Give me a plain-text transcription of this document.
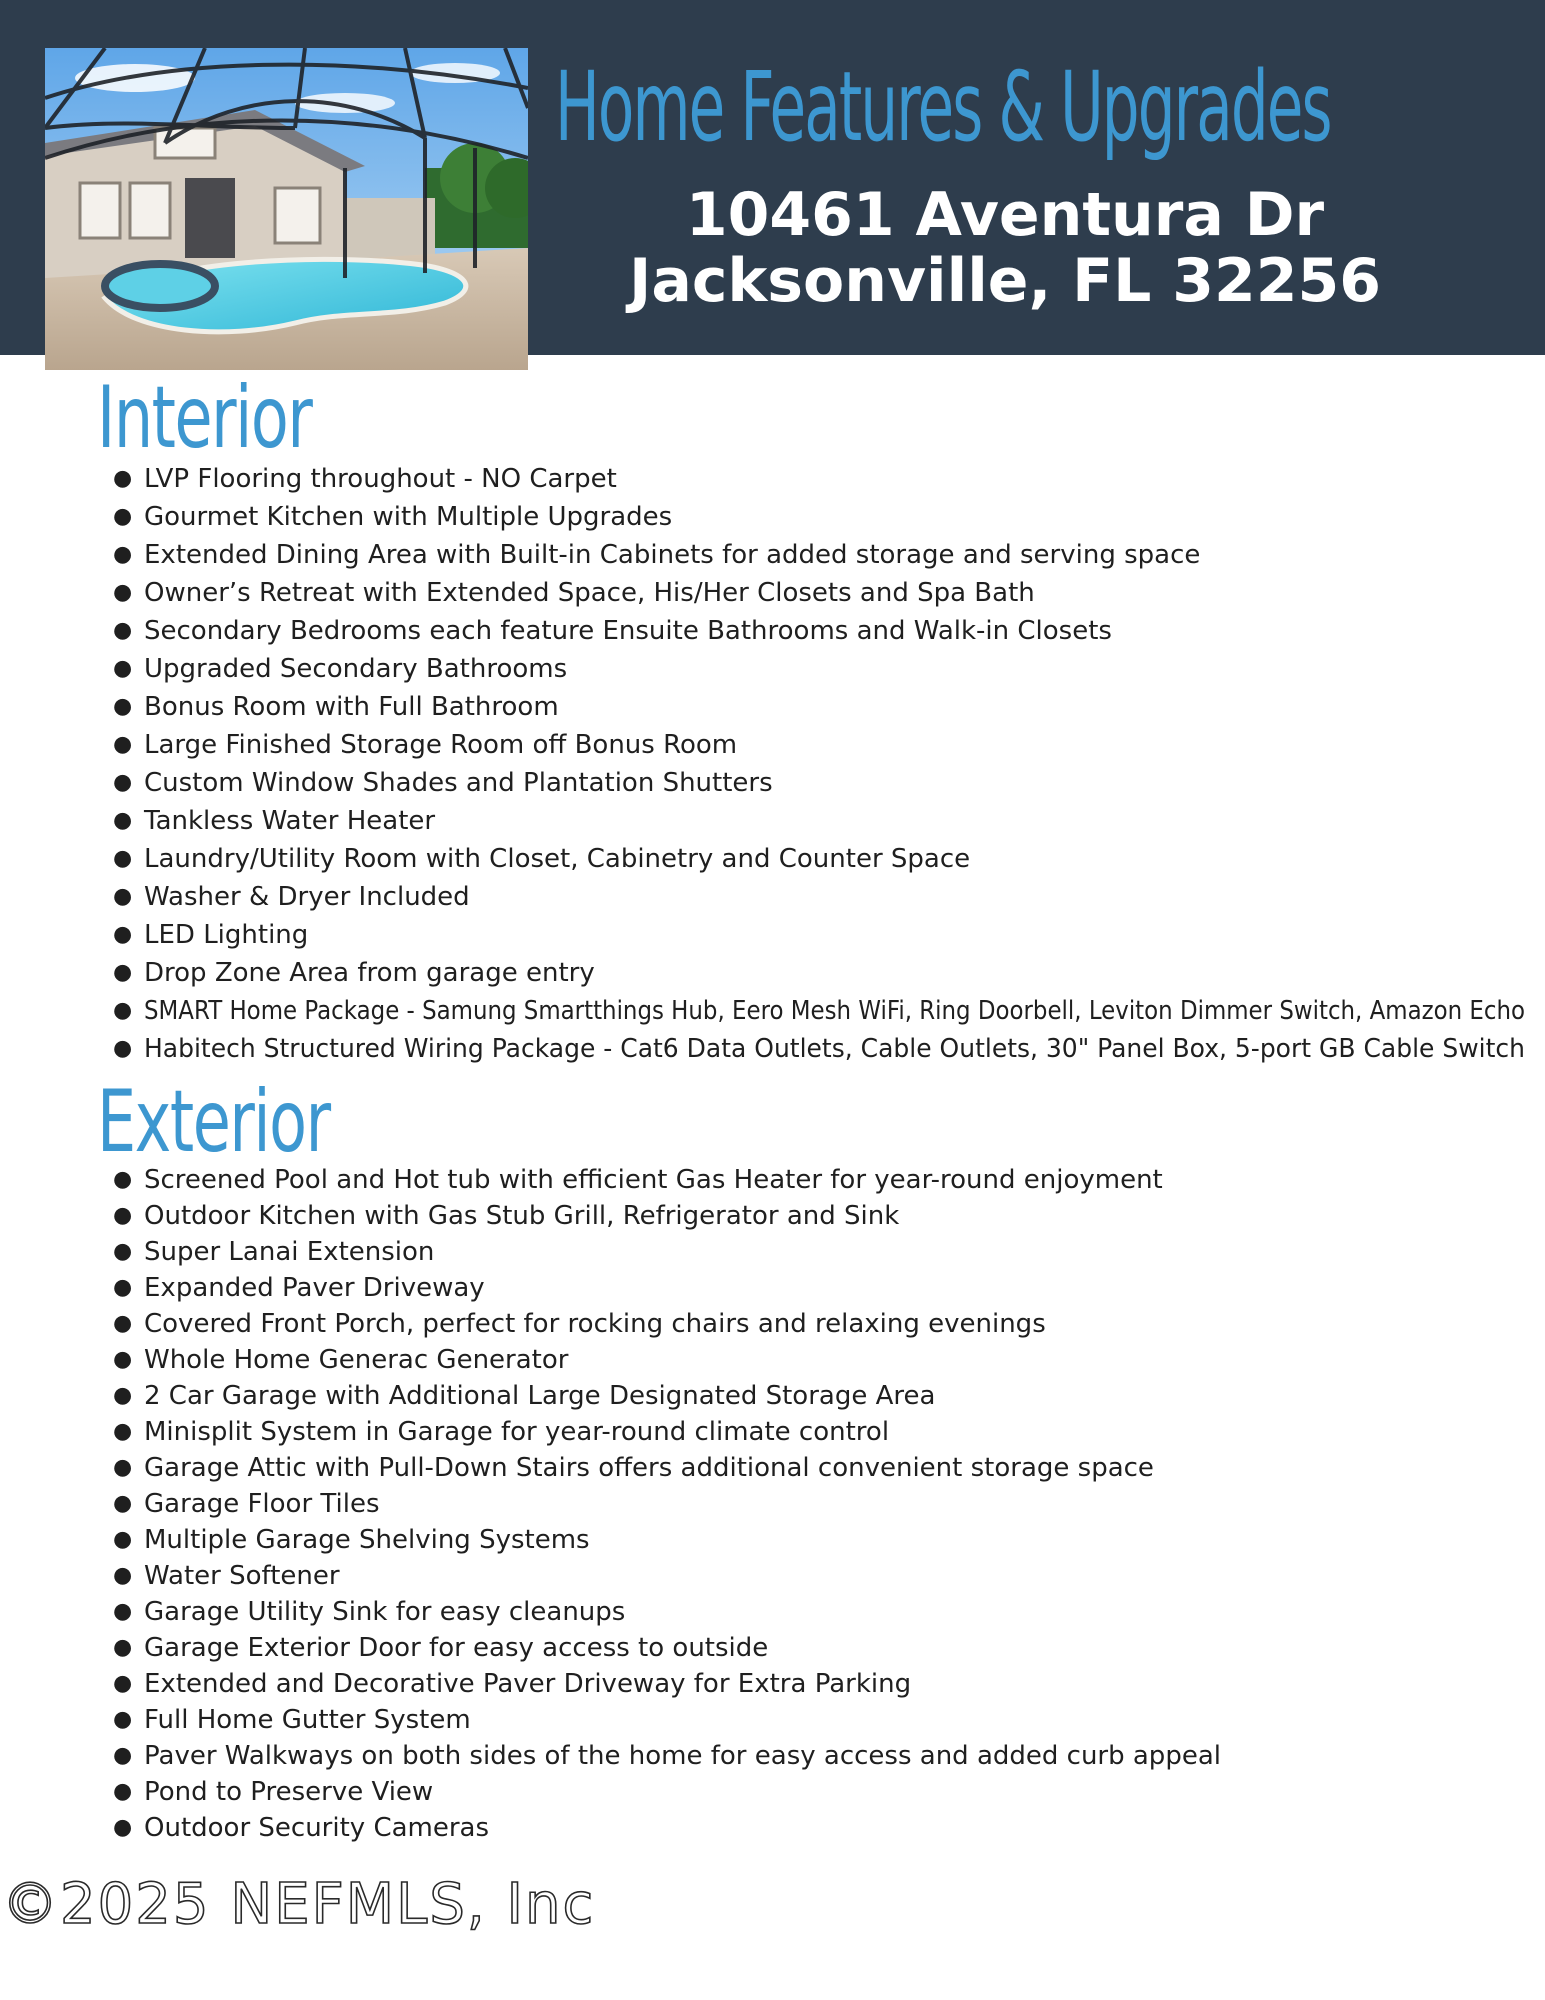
Home Features & Upgrades
10461 Aventura Dr
Jacksonville, FL 32256
Interior
● LVP Flooring throughout - NO Carpet
● Gourmet Kitchen with Multiple Upgrades
● Extended Dining Area with Built-in Cabinets for added storage and serving space
● Owner’s Retreat with Extended Space, His/Her Closets and Spa Bath
● Secondary Bedrooms each feature Ensuite Bathrooms and Walk-in Closets
● Upgraded Secondary Bathrooms
● Bonus Room with Full Bathroom
● Large Finished Storage Room off Bonus Room
● Custom Window Shades and Plantation Shutters
● Tankless Water Heater
● Laundry/Utility Room with Closet, Cabinetry and Counter Space
● Washer & Dryer Included
● LED Lighting
● Drop Zone Area from garage entry
● SMART Home Package - Samung Smartthings Hub, Eero Mesh WiFi, Ring Doorbell, Leviton Dimmer Switch, Amazon Echo
● Habitech Structured Wiring Package - Cat6 Data Outlets, Cable Outlets, 30" Panel Box, 5-port GB Cable Switch
Exterior
● Screened Pool and Hot tub with efficient Gas Heater for year-round enjoyment
● Outdoor Kitchen with Gas Stub Grill, Refrigerator and Sink
● Super Lanai Extension
● Expanded Paver Driveway
● Covered Front Porch, perfect for rocking chairs and relaxing evenings
● Whole Home Generac Generator
● 2 Car Garage with Additional Large Designated Storage Area
● Minisplit System in Garage for year-round climate control
● Garage Attic with Pull-Down Stairs offers additional convenient storage space
● Garage Floor Tiles
● Multiple Garage Shelving Systems
● Water Softener
● Garage Utility Sink for easy cleanups
● Garage Exterior Door for easy access to outside
● Extended and Decorative Paver Driveway for Extra Parking
● Full Home Gutter System
● Paver Walkways on both sides of the home for easy access and added curb appeal
● Pond to Preserve View
● Outdoor Security Cameras
©2025 NEFMLS, Inc
